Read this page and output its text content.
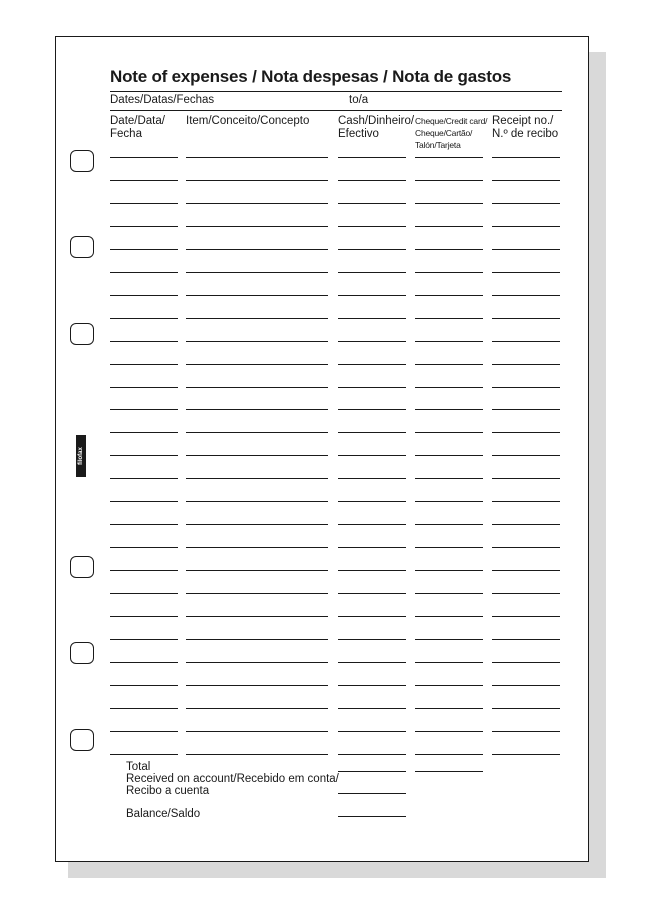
Note of expenses / Nota despesas / Nota de gastos
Dates/Datas/Fechas	to/a
Date/Data/
Fecha
Item/Conceito/Concepto Cash/Dinheiro/
Efectivo
Cheque/Credit card/
Cheque/Cartão/
Talón/Tarjeta
Receipt no./
N.º de recibo
Total
Received on account/Recebido em conta/
Recibo a cuenta
Balance/Saldo
filofax
